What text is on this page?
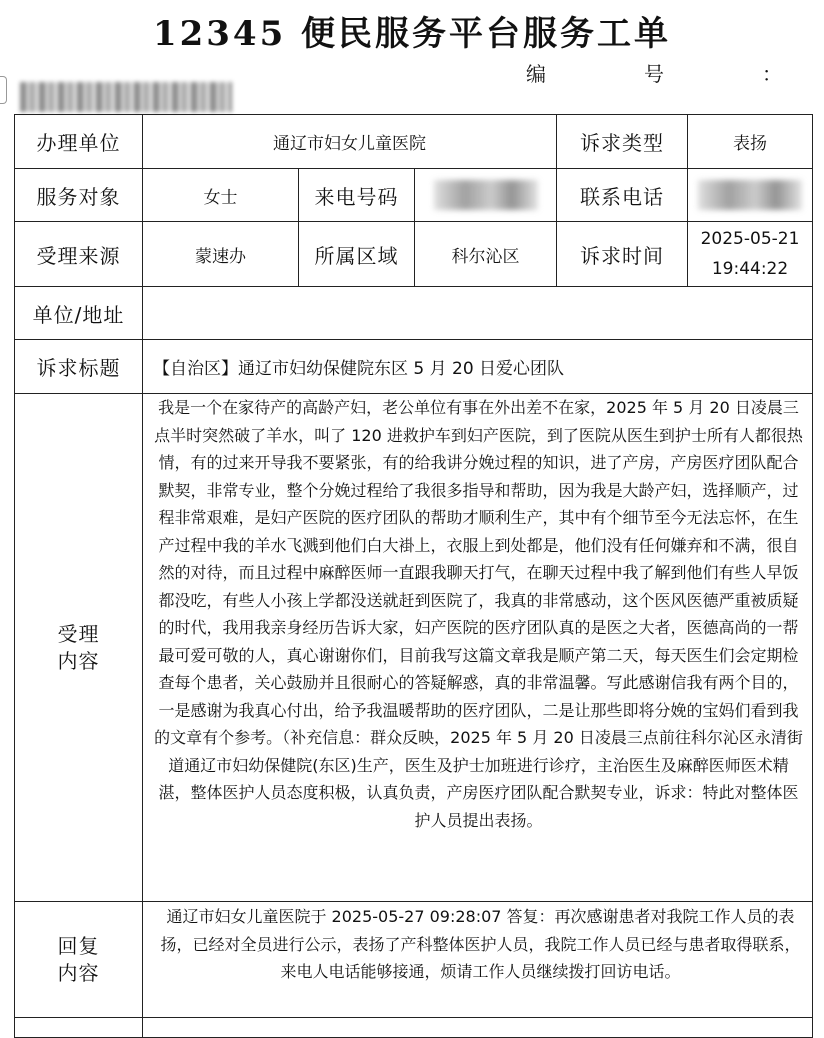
12345 便民服务平台服务工单
编	号	：
办理单位	通辽市妇女儿童医院			诉求类型	表扬
服务对象	女士	来电号码		联系电话	
受理来源	蒙速办	所属区域	科尔沁区	诉求时间	2025-05-21
19:44:22

单位/地址					
诉求标题	【自治区】通辽市妇幼保健院东区 5 月 20 日爱心团队				

受理
内容	我是一个在家待产的高龄产妇，老公单位有事在外出差不在家，2025 年 5 月 20 日凌晨三点半时突然破了羊水，叫了 120 进救护车到妇产医院，到了医院从医生到护士所有人都很热情，有的过来开导我不要紧张，有的给我讲分娩过程的知识，进了产房，产房医疗团队配合默契，非常专业，整个分娩过程给了我很多指导和帮助，因为我是大龄产妇，选择顺产，过程非常艰难，是妇产医院的医疗团队的帮助才顺利生产，其中有个细节至今无法忘怀，在生产过程中我的羊水飞溅到他们白大褂上，衣服上到处都是，他们没有任何嫌弃和不满，很自然的对待，而且过程中麻醉医师一直跟我聊天打气，在聊天过程中我了解到他们有些人早饭都没吃，有些人小孩上学都没送就赶到医院了，我真的非常感动，这个医风医德严重被质疑的时代，我用我亲身经历告诉大家，妇产医院的医疗团队真的是医之大者，医德高尚的一帮最可爱可敬的人，真心谢谢你们，目前我写这篇文章我是顺产第二天，每天医生们会定期检查每个患者，关心鼓励并且很耐心的答疑解惑，真的非常温馨。写此感谢信我有两个目的，一是感谢为我真心付出，给予我温暖帮助的医疗团队，二是让那些即将分娩的宝妈们看到我的文章有个参考。（补充信息：群众反映，2025 年 5 月 20 日凌晨三点前往科尔沁区永清街道通辽市妇幼保健院(东区)生产，医生及护士加班进行诊疗，主治医生及麻醉医师医术精湛，整体医护人员态度积极，认真负责，产房医疗团队配合默契专业，诉求：特此对整体医护人员提出表扬。				

回复
内容	通辽市妇女儿童医院于 2025-05-27 09:28:07 答复：再次感谢患者对我院工作人员的表扬，已经对全员进行公示，表扬了产科整体医护人员，我院工作人员已经与患者取得联系，来电人电话能够接通，烦请工作人员继续拨打回访电话。				
